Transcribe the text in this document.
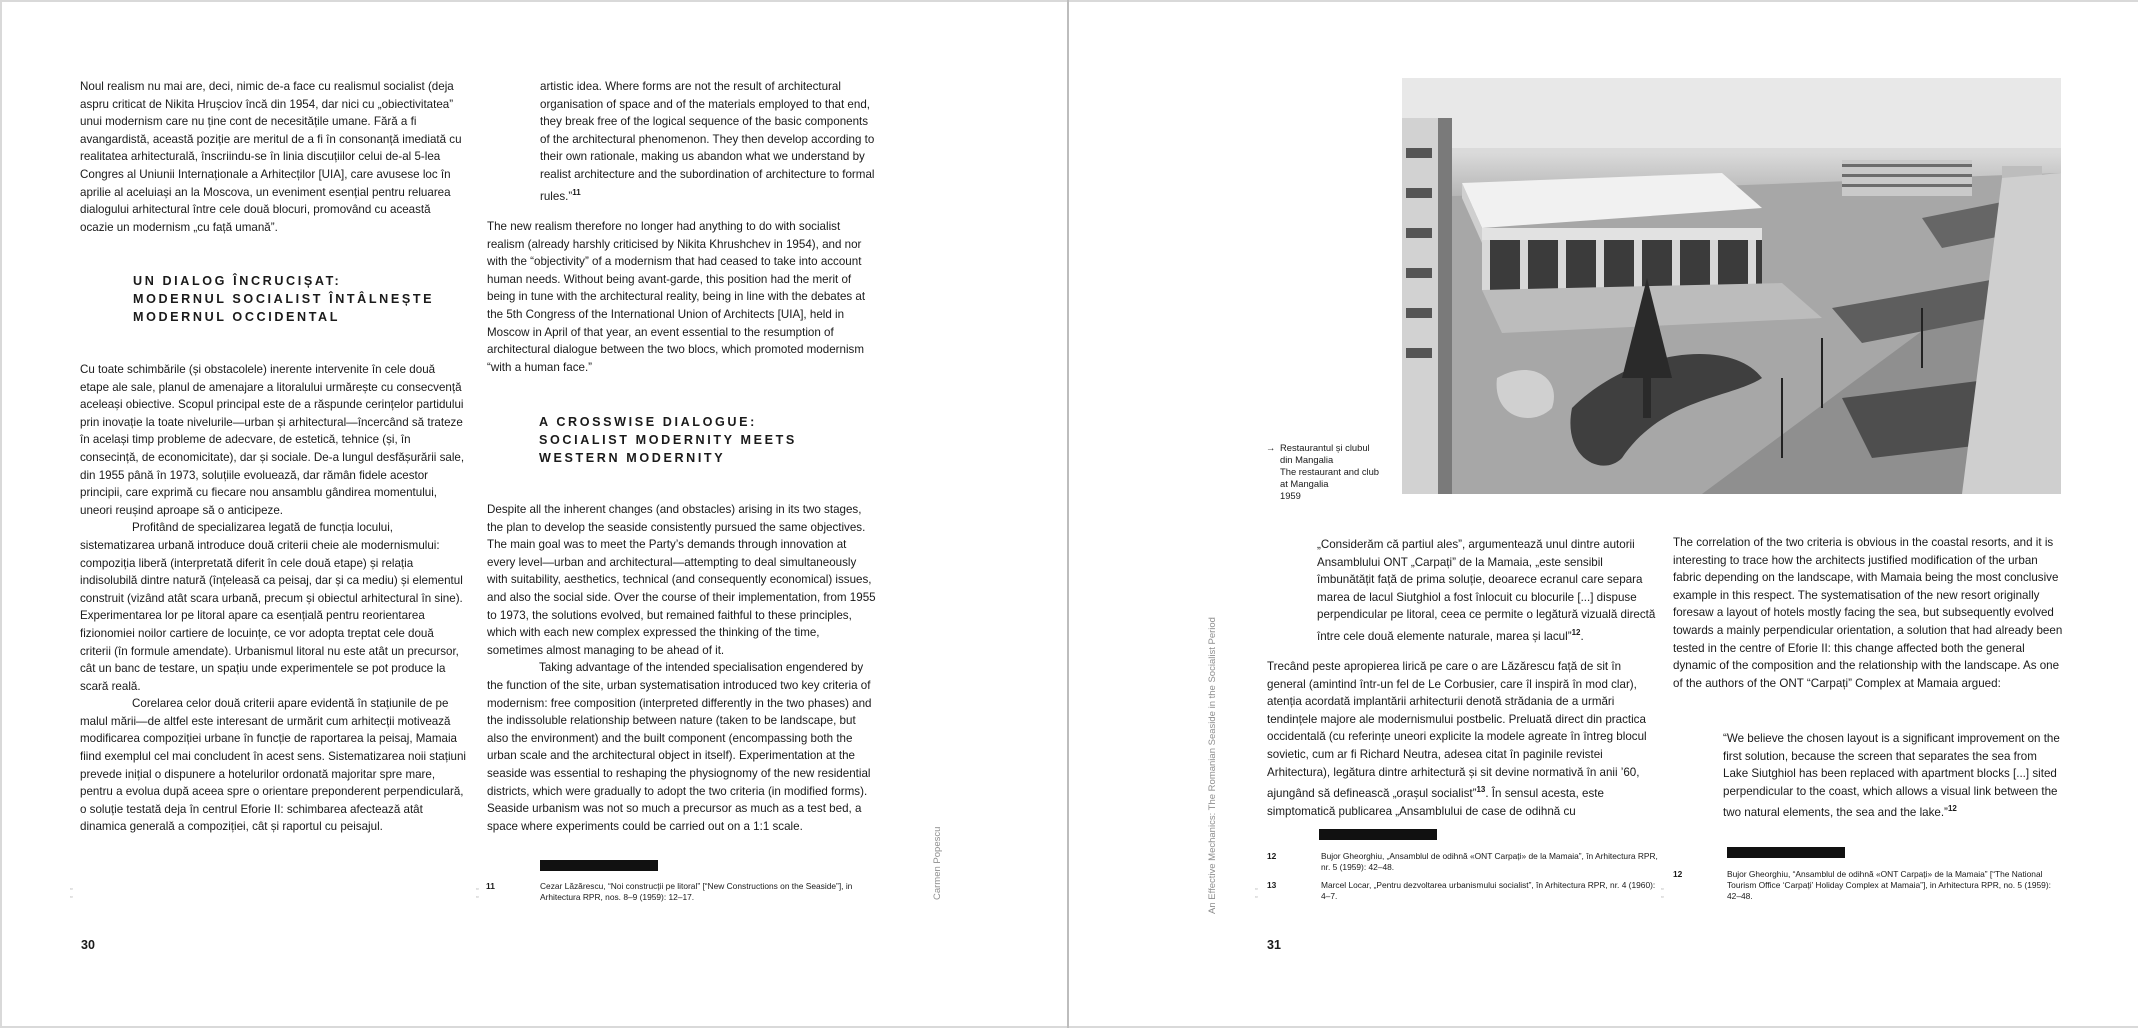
Noul realism nu mai are, deci, nimic de-a face cu realismul socialist (deja aspru criticat de Nikita Hrușciov încă din 1954, dar nici cu „obiectivitatea” unui modernism care nu ține cont de necesitățile umane. Fără a fi avangardistă, această poziție are meritul de a fi în consonanță imediată cu realitatea arhitecturală, înscriindu-se în linia discuțiilor celui de-al 5-lea Congres al Uniunii Internaționale a Arhitecților [UIA], care avusese loc în aprilie al aceluiași an la Moscova, un eveniment esențial pentru reluarea dialogului arhitectural între cele două blocuri, promovând cu această ocazie un modernism „cu față umană”.

UN DIALOG ÎNCRUCIȘAT:
MODERNUL SOCIALIST ÎNTÂLNEȘTE
MODERNUL OCCIDENTAL

Cu toate schimbările (și obstacolele) inerente intervenite în cele două etape ale sale, planul de amenajare a litoralului urmărește cu consecvență aceleași obiective. Scopul principal este de a răspunde cerințelor partidului prin inovație la toate nivelurile—urban și arhitectural—încercând să trateze în același timp probleme de adecvare, de estetică, tehnice (și, în consecință, de economicitate), dar și sociale. De-a lungul desfășurării sale, din 1955 până în 1973, soluțiile evoluează, dar rămân fidele acestor principii, care exprimă cu fiecare nou ansamblu gândirea momentului, uneori reușind aproape să o anticipeze.

Profitând de specializarea legată de funcția locului, sistematizarea urbană introduce două criterii cheie ale modernismului: compoziția liberă (interpretată diferit în cele două etape) și relația indisolubilă dintre natură (înțeleasă ca peisaj, dar și ca mediu) și elementul construit (vizând atât scara urbană, precum și obiectul arhitectural în sine). Experimentarea lor pe litoral apare ca esențială pentru reorientarea fizionomiei noilor cartiere de locuințe, ce vor adopta treptat cele două criterii (în formule amendate). Urbanismul litoral nu este atât un precursor, cât un banc de testare, un spațiu unde experimentele se pot produce la scară reală.

Corelarea celor două criterii apare evidentă în stațiunile de pe malul mării—de altfel este interesant de urmărit cum arhitecții motivează modificarea compoziției urbane în funcție de raportarea la peisaj, Mamaia fiind exemplul cel mai concludent în acest sens. Sistematizarea noii stațiuni prevede inițial o dispunere a hotelurilor ordonată majoritar spre mare, pentru a evolua după aceea spre o orientare preponderent perpendiculară, o soluție testată deja în centrul Eforie II: schimbarea afectează atât dinamica generală a compoziției, cât și raportul cu peisajul.

artistic idea. Where forms are not the result of architectural organisation of space and of the materials employed to that end, they break free of the logical sequence of the basic components of the architectural phenomenon. They then develop according to their own rationale, making us abandon what we understand by realist architecture and the subordination of architecture to formal rules.”$^{11}$

The new realism therefore no longer had anything to do with socialist realism (already harshly criticised by Nikita Khrushchev in 1954), and nor with the “objectivity” of a modernism that had ceased to take into account human needs. Without being avant-garde, this position had the merit of being in tune with the architectural reality, being in line with the debates at the 5th Congress of the International Union of Architects [UIA], held in Moscow in April of that year, an event essential to the resumption of architectural dialogue between the two blocs, which promoted modernism “with a human face.”

A CROSSWISE DIALOGUE:
SOCIALIST MODERNITY MEETS
WESTERN MODERNITY

Despite all the inherent changes (and obstacles) arising in its two stages, the plan to develop the seaside consistently pursued the same objectives. The main goal was to meet the Party’s demands through innovation at every level—urban and architectural—attempting to deal simultaneously with suitability, aesthetics, technical (and consequently economical) issues, and also the social side. Over the course of their implementation, from 1955 to 1973, the solutions evolved, but remained faithful to these principles, which with each new complex expressed the thinking of the time, sometimes almost managing to be ahead of it.

Taking advantage of the intended specialisation engendered by the function of the site, urban systematisation introduced two key criteria of modernism: free composition (interpreted differently in the two phases) and the indissoluble relationship between nature (taken to be landscape, but also the environment) and the built component (encompassing both the urban scale and the architectural object in itself). Experimentation at the seaside was essential to reshaping the physiognomy of the new residential districts, which were gradually to adopt the two criteria (in modified forms). Seaside urbanism was not so much a precursor as much as a test bed, a space where experiments could be carried out on a 1:1 scale.

11	Cezar Lăzărescu, “Noi construcții pe litoral” [“New Constructions on the Seaside”], in Arhitectura RPR, nos. 8–9 (1959): 12–17.
▫
▫
▫
▫	Carmen Popescu
30
An Effective Mechanics: The Romanian Seaside in the Socialist Period
→ Restaurantul și clubul
din Mangalia
The restaurant and club
at Mangalia
1959

„Considerăm că partiul ales”, argumentează unul dintre autorii Ansamblului ONT „Carpați” de la Mamaia, „este sensibil îmbunătățit față de prima soluție, deoarece ecranul care separa marea de lacul Siutghiol a fost înlocuit cu blocurile [...] dispuse perpendicular pe litoral, ceea ce permite o legătură vizuală directă între cele două elemente naturale, marea și lacul”$^{12}$.

Trecând peste apropierea lirică pe care o are Lăzărescu față de sit în general (amintind într-un fel de Le Corbusier, care îl inspiră în mod clar), atenția acordată implantării arhitecturii denotă strădania de a urmări tendințele majore ale modernismului postbelic. Preluată direct din practica occidentală (cu referințe uneori explicite la modele agreate în întreg blocul sovietic, cum ar fi Richard Neutra, adesea citat în paginile revistei Arhitectura), legătura dintre arhitectură și sit devine normativă în anii ’60, ajungând să definească „orașul socialist”$^{13}$. În sensul acesta, este simptomatică publicarea „Ansamblului de case de odihnă cu

12	Bujor Gheorghiu, „Ansamblul de odihnă «ONT Carpați» de la Mamaia”, în Arhitectura RPR, nr. 5 (1959): 42–48.
13	Marcel Locar, „Pentru dezvoltarea urbanismului socialist”, în Arhitectura RPR, nr. 4 (1960): 4–7.

The correlation of the two criteria is obvious in the coastal resorts, and it is interesting to trace how the architects justified modification of the urban fabric depending on the landscape, with Mamaia being the most conclusive example in this respect. The systematisation of the new resort originally foresaw a layout of hotels mostly facing the sea, but subsequently evolved towards a mainly perpendicular orientation, a solution that had already been tested in the centre of Eforie II: this change affected both the general dynamic of the composition and the relationship with the landscape. As one of the authors of the ONT “Carpați” Complex at Mamaia argued:

“We believe the chosen layout is a significant improvement on the first solution, because the screen that separates the sea from Lake Siutghiol has been replaced with apartment blocks [...] sited perpendicular to the coast, which allows a visual link between the two natural elements, the sea and the lake.”$^{12}$

12	Bujor Gheorghiu, “Ansamblul de odihnă «ONT Carpați» de la Mamaia” [“The National Tourism Office ‘Carpați’ Holiday Complex at Mamaia”], in Arhitectura RPR, no. 5 (1959): 42–48.
▫
▫
▫
▫
31
